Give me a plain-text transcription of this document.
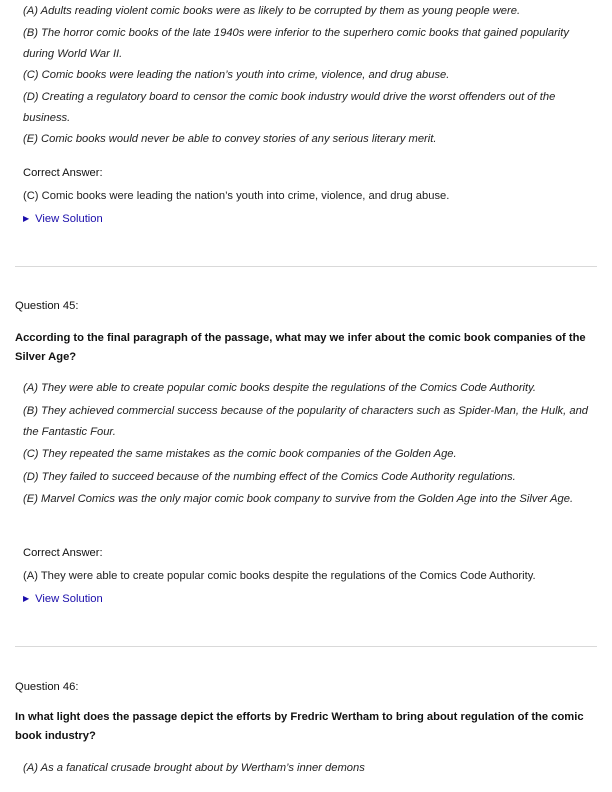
(A) Adults reading violent comic books were as likely to be corrupted by them as young people were.

(B) The horror comic books of the late 1940s were inferior to the superhero comic books that gained popularity during World War II.

(C) Comic books were leading the nation’s youth into crime, violence, and drug abuse.

(D) Creating a regulatory board to censor the comic book industry would drive the worst offenders out of the business.

(E) Comic books would never be able to convey stories of any serious literary merit.

Correct Answer:

(C) Comic books were leading the nation’s youth into crime, violence, and drug abuse.

▶ View Solution

Question 45:

According to the final paragraph of the passage, what may we infer about the comic book companies of the Silver Age?

(A) They were able to create popular comic books despite the regulations of the Comics Code Authority.

(B) They achieved commercial success because of the popularity of characters such as Spider-Man, the Hulk, and the Fantastic Four.

(C) They repeated the same mistakes as the comic book companies of the Golden Age.

(D) They failed to succeed because of the numbing effect of the Comics Code Authority regulations.

(E) Marvel Comics was the only major comic book company to survive from the Golden Age into the Silver Age.

Correct Answer:

(A) They were able to create popular comic books despite the regulations of the Comics Code Authority.

▶ View Solution

Question 46:

In what light does the passage depict the efforts by Fredric Wertham to bring about regulation of the comic book industry?

(A) As a fanatical crusade brought about by Wertham’s inner demons
